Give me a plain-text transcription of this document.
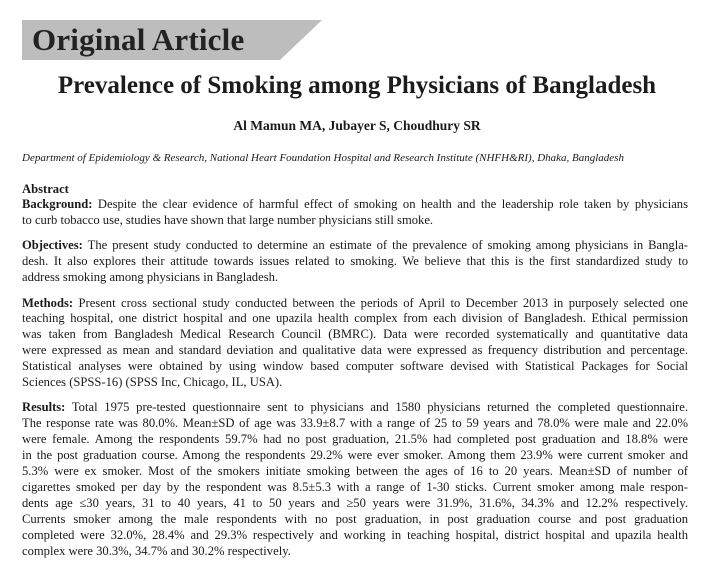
Original Article
Prevalence of Smoking among Physicians of Bangladesh
Al Mamun MA, Jubayer S, Choudhury SR
Department of Epidemiology & Research, National Heart Foundation Hospital and Research Institute (NHFH&RI), Dhaka, Bangladesh
Abstract
Background: Despite the clear evidence of harmful effect of smoking on health and the leadership role taken by physicians
to curb tobacco use, studies have shown that large number physicians still smoke.
Objectives: The present study conducted to determine an estimate of the prevalence of smoking among physicians in Bangla-
desh. It also explores their attitude towards issues related to smoking. We believe that this is the first standardized study to
address smoking among physicians in Bangladesh.
Methods: Present cross sectional study conducted between the periods of April to December 2013 in purposely selected one
teaching hospital, one district hospital and one upazila health complex from each division of Bangladesh. Ethical permission
was taken from Bangladesh Medical Research Council (BMRC). Data were recorded systematically and quantitative data
were expressed as mean and standard deviation and qualitative data were expressed as frequency distribution and percentage.
Statistical analyses were obtained by using window based computer software devised with Statistical Packages for Social
Sciences (SPSS-16) (SPSS Inc, Chicago, IL, USA).
Results: Total 1975 pre-tested questionnaire sent to physicians and 1580 physicians returned the completed questionnaire.
The response rate was 80.0%. Mean±SD of age was 33.9±8.7 with a range of 25 to 59 years and 78.0% were male and 22.0%
were female. Among the respondents 59.7% had no post graduation, 21.5% had completed post graduation and 18.8% were
in the post graduation course. Among the respondents 29.2% were ever smoker. Among them 23.9% were current smoker and
5.3% were ex smoker. Most of the smokers initiate smoking between the ages of 16 to 20 years. Mean±SD of number of
cigarettes smoked per day by the respondent was 8.5±5.3 with a range of 1-30 sticks. Current smoker among male respon-
dents age ≤30 years, 31 to 40 years, 41 to 50 years and ≥50 years were 31.9%, 31.6%, 34.3% and 12.2% respectively.
Currents smoker among the male respondents with no post graduation, in post graduation course and post graduation
completed were 32.0%, 28.4% and 29.3% respectively and working in teaching hospital, district hospital and upazila health
complex were 30.3%, 34.7% and 30.2% respectively.
